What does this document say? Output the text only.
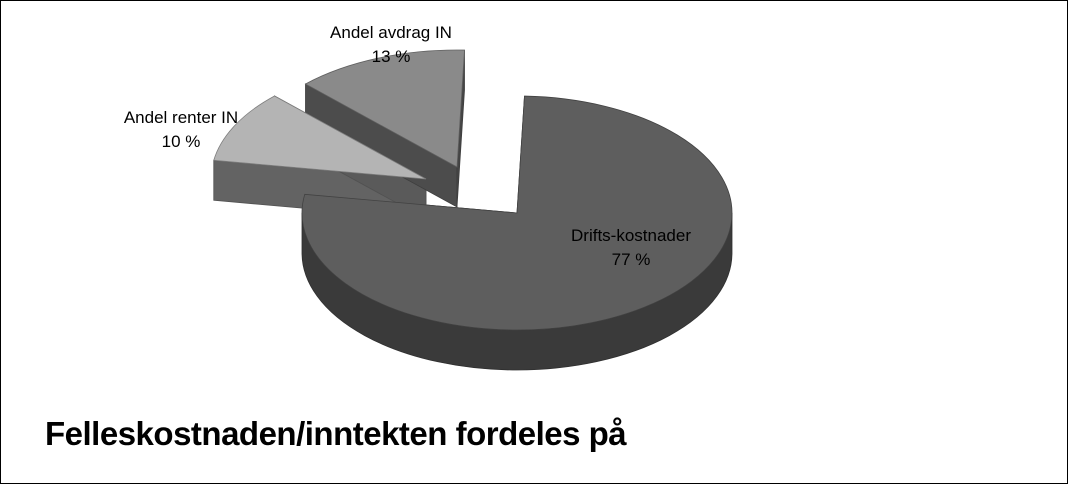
Drifts-kostnader
77 %
Andel renter IN
10 %
Andel avdrag IN
13 %
Felleskostnaden/inntekten fordeles på
